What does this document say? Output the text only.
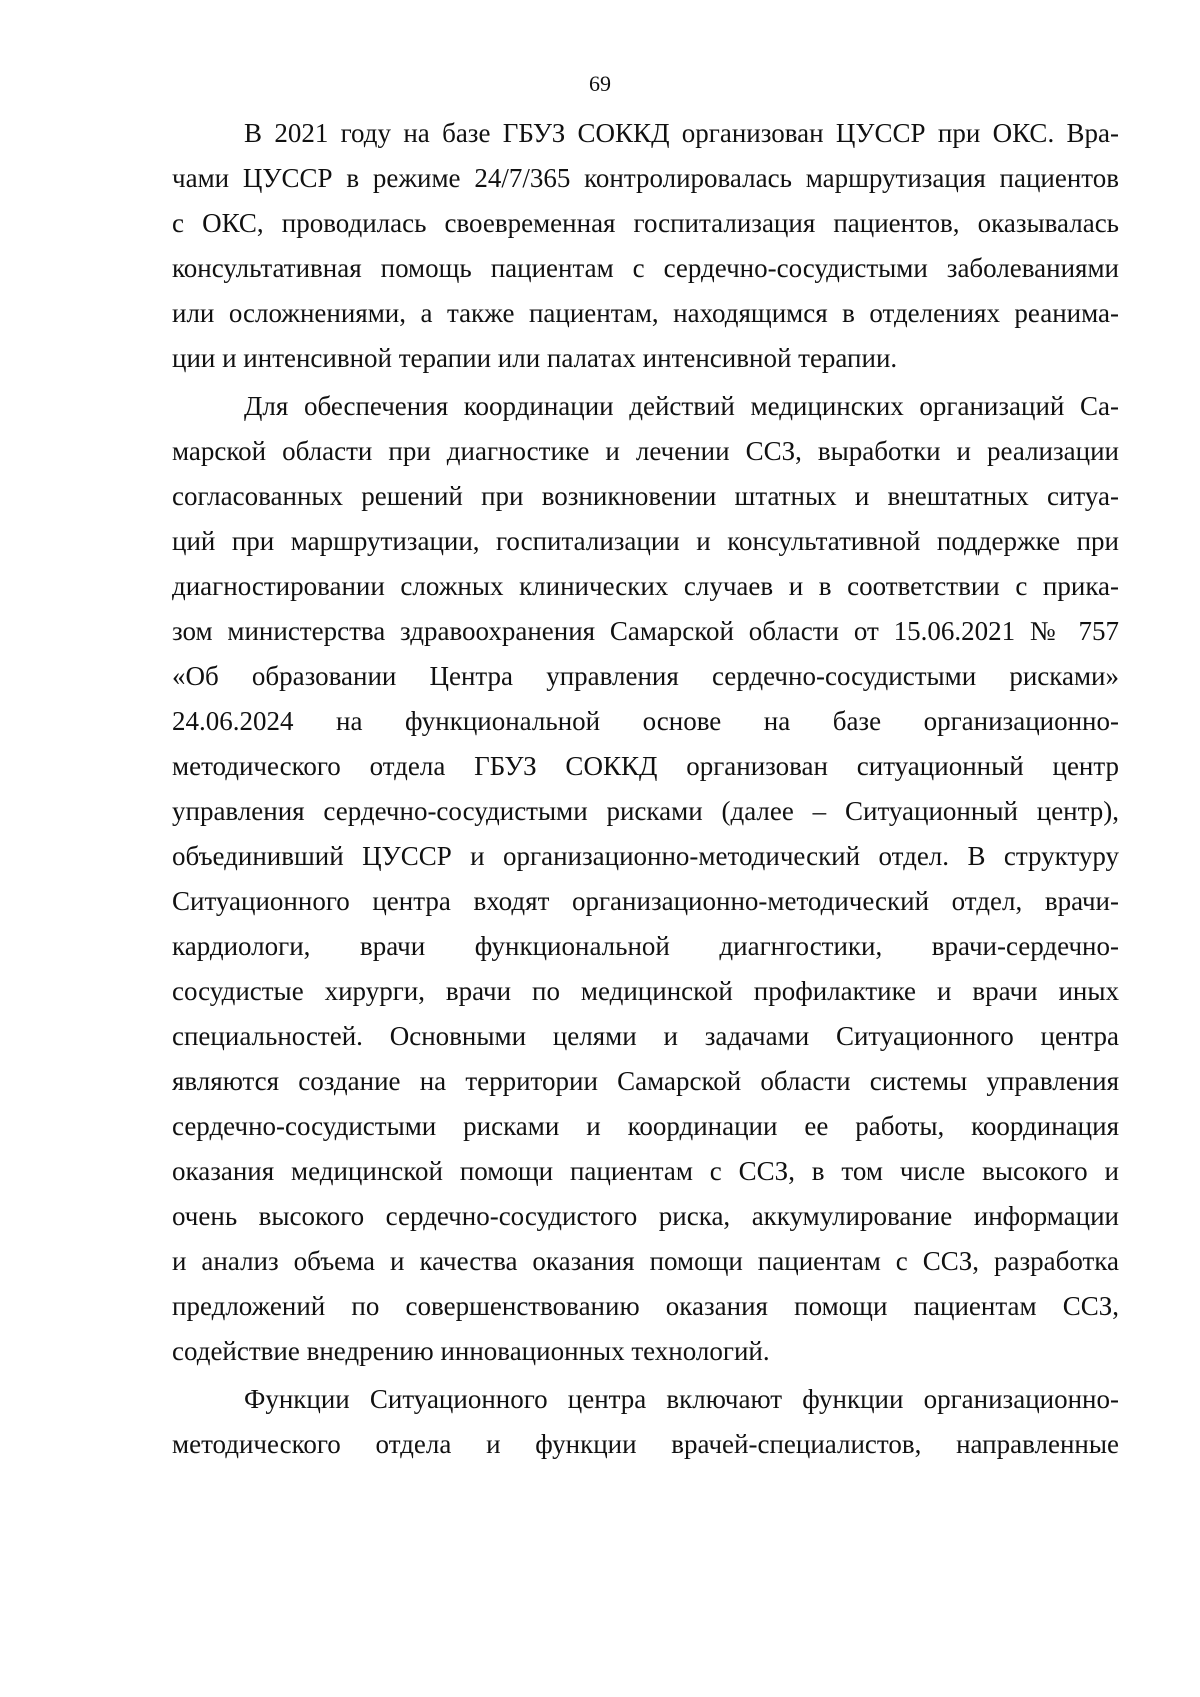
69
В 2021 году на базе ГБУЗ СОККД организован ЦУССР при ОКС. Вра-
чами ЦУССР в режиме 24/7/365 контролировалась маршрутизация пациентов
с ОКС, проводилась своевременная госпитализация пациентов, оказывалась
консультативная помощь пациентам с сердечно-сосудистыми заболеваниями
или осложнениями, а также пациентам, находящимся в отделениях реанима-
ции и интенсивной терапии или палатах интенсивной терапии.
Для обеспечения координации действий медицинских организаций Са-
марской области при диагностике и лечении ССЗ, выработки и реализации
согласованных решений при возникновении штатных и внештатных ситуа-
ций при маршрутизации, госпитализации и консультативной поддержке при
диагностировании сложных клинических случаев и в соответствии с прика-
зом министерства здравоохранения Самарской области от 15.06.2021 № 757
«Об образовании Центра управления сердечно-сосудистыми рисками»
24.06.2024 на функциональной основе на базе организационно-
методического отдела ГБУЗ СОККД организован ситуационный центр
управления сердечно-сосудистыми рисками (далее – Ситуационный центр),
объединивший ЦУССР и организационно-методический отдел. В структуру
Ситуационного центра входят организационно-методический отдел, врачи-
кардиологи, врачи функциональной диагнгостики, врачи-сердечно-
сосудистые хирурги, врачи по медицинской профилактике и врачи иных
специальностей. Основными целями и задачами Ситуационного центра
являются создание на территории Самарской области системы управления
сердечно-сосудистыми рисками и координации ее работы, координация
оказания медицинской помощи пациентам с ССЗ, в том числе высокого и
очень высокого сердечно-сосудистого риска, аккумулирование информации
и анализ объема и качества оказания помощи пациентам с ССЗ, разработка
предложений по совершенствованию оказания помощи пациентам ССЗ,
содействие внедрению инновационных технологий.
Функции Ситуационного центра включают функции организационно-
методического отдела и функции врачей-специалистов, направленные
